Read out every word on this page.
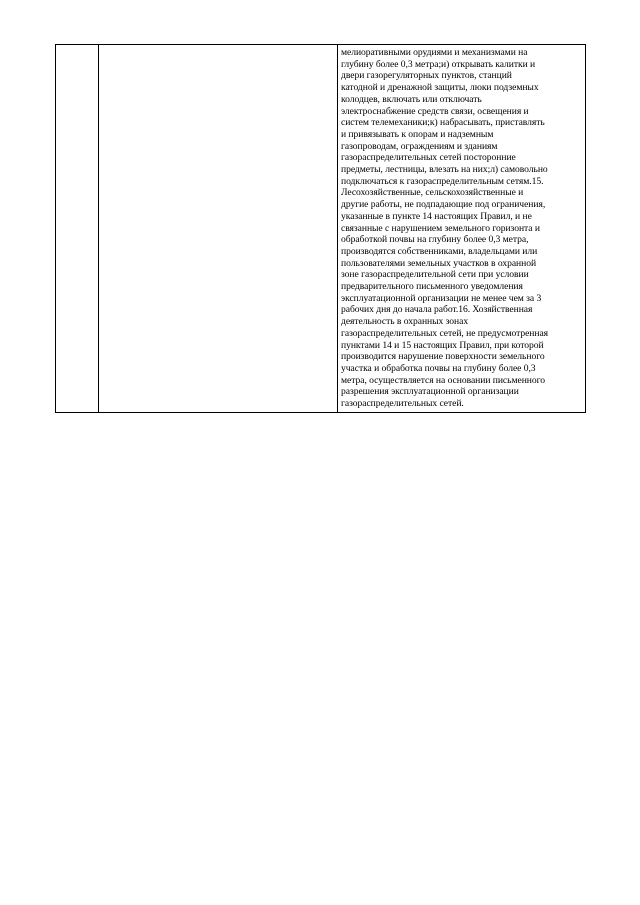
мелиоративными орудиями и механизмами на
глубину более 0,3 метра;и) открывать калитки и
двери газорегуляторных пунктов, станций
катодной и дренажной защиты, люки подземных
колодцев, включать или отключать
электроснабжение средств связи, освещения и
систем телемеханики;к) набрасывать, приставлять
и привязывать к опорам и надземным
газопроводам, ограждениям и зданиям
газораспределительных сетей посторонние
предметы, лестницы, влезать на них;л) самовольно
подключаться к газораспределительным сетям.15.
Лесохозяйственные, сельскохозяйственные и
другие работы, не подпадающие под ограничения,
указанные в пункте 14 настоящих Правил, и не
связанные с нарушением земельного горизонта и
обработкой почвы на глубину более 0,3 метра,
производятся собственниками, владельцами или
пользователями земельных участков в охранной
зоне газораспределительной сети при условии
предварительного письменного уведомления
эксплуатационной организации не менее чем за 3
рабочих дня до начала работ.16. Хозяйственная
деятельность в охранных зонах
газораспределительных сетей, не предусмотренная
пунктами 14 и 15 настоящих Правил, при которой
производится нарушение поверхности земельного
участка и обработка почвы на глубину более 0,3
метра, осуществляется на основании письменного
разрешения эксплуатационной организации
газораспределительных сетей.
